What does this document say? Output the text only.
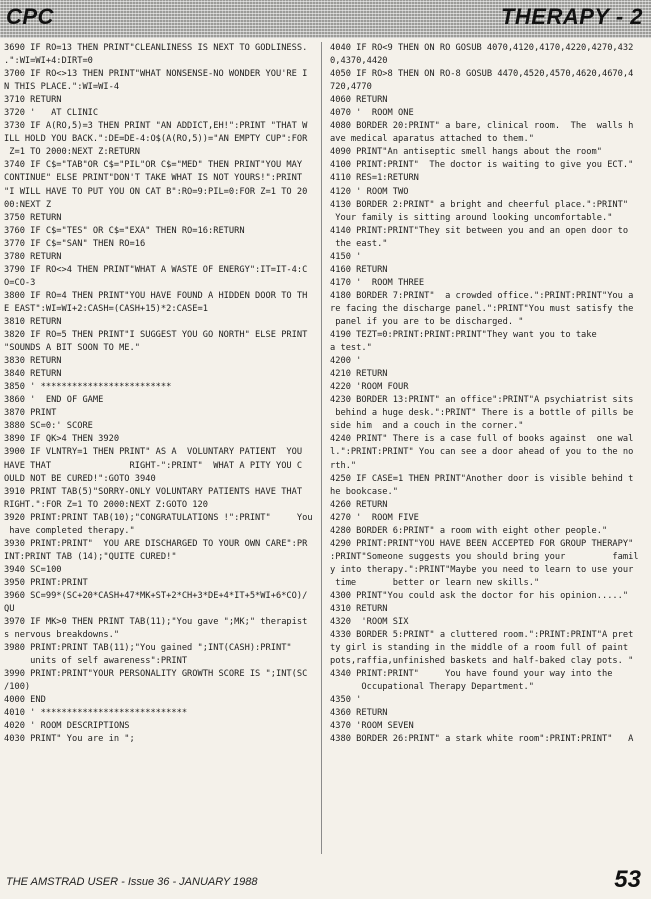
CPC	THERAPY - 2
3690 IF RO=13 THEN PRINT"CLEANLINESS IS NEXT TO GODLINESS.
.":WI=WI+4:DIRT=0
3700 IF RO<>13 THEN PRINT"WHAT NONSENSE-NO WONDER YOU'RE I
N THIS PLACE.":WI=WI-4
3710 RETURN
3720 '   AT CLINIC
3730 IF A(RO,5)=3 THEN PRINT "AN ADDICT,EH!":PRINT "THAT W
ILL HOLD YOU BACK.":DE=DE-4:O$(A(RO,5))="AN EMPTY CUP":FOR
Z=1 TO 2000:NEXT Z:RETURN
3740 IF C$="TAB"OR C$="PIL"OR C$="MED" THEN PRINT"YOU MAY
CONTINUE" ELSE PRINT"DON'T TAKE WHAT IS NOT YOURS!":PRINT
"I WILL HAVE TO PUT YOU ON CAT B":RO=9:PIL=0:FOR Z=1 TO 20
00:NEXT Z
3750 RETURN
3760 IF C$="TES" OR C$="EXA" THEN RO=16:RETURN
3770 IF C$="SAN" THEN RO=16
3780 RETURN
3790 IF RO<>4 THEN PRINT"WHAT A WASTE OF ENERGY":IT=IT-4:C
O=CO-3
3800 IF RO=4 THEN PRINT"YOU HAVE FOUND A HIDDEN DOOR TO TH
E EAST":WI=WI+2:CASH=(CASH+15)*2:CASE=1
3810 RETURN
3820 IF RO=5 THEN PRINT"I SUGGEST YOU GO NORTH" ELSE PRINT
"SOUNDS A BIT SOON TO ME."
3830 RETURN
3840 RETURN
3850 ' *************************
3860 '  END OF GAME
3870 PRINT
3880 SC=0:' SCORE
3890 IF QK>4 THEN 3920
3900 IF VLNTRY=1 THEN PRINT" AS A  VOLUNTARY PATIENT  YOU
HAVE THAT               RIGHT-":PRINT"  WHAT A PITY YOU C
OULD NOT BE CURED!":GOTO 3940
3910 PRINT TAB(5)"SORRY-ONLY VOLUNTARY PATIENTS HAVE THAT
RIGHT.":FOR Z=1 TO 2000:NEXT Z:GOTO 120
3920 PRINT:PRINT TAB(10);"CONGRATULATIONS !":PRINT"     You
have completed therapy."
3930 PRINT:PRINT"  YOU ARE DISCHARGED TO YOUR OWN CARE":PR
INT:PRINT TAB (14);"QUITE CURED!"
3940 SC=100
3950 PRINT:PRINT
3960 SC=99*(SC+20*CASH+47*MK+ST+2*CH+3*DE+4*IT+5*WI+6*CO)/
QU
3970 IF MK>0 THEN PRINT TAB(11);"You gave ";MK;" therapist
s nervous breakdowns."
3980 PRINT:PRINT TAB(11);"You gained ";INT(CASH):PRINT"
units of self awareness":PRINT
3990 PRINT:PRINT"YOUR PERSONALITY GROWTH SCORE IS ";INT(SC
/100)
4000 END
4010 ' ****************************
4020 ' ROOM DESCRIPTIONS
4030 PRINT" You are in ";
4040 IF RO<9 THEN ON RO GOSUB 4070,4120,4170,4220,4270,432
0,4370,4420
4050 IF RO>8 THEN ON RO-8 GOSUB 4470,4520,4570,4620,4670,4
720,4770
4060 RETURN
4070 '  ROOM ONE
4080 BORDER 20:PRINT" a bare, clinical room.  The  walls h
ave medical aparatus attached to them."
4090 PRINT"An antiseptic smell hangs about the room"
4100 PRINT:PRINT"  The doctor is waiting to give you ECT."
4110 RES=1:RETURN
4120 ' ROOM TWO
4130 BORDER 2:PRINT" a bright and cheerful place.":PRINT"
Your family is sitting around looking uncomfortable."
4140 PRINT:PRINT"They sit between you and an open door to
the east."
4150 '
4160 RETURN
4170 '  ROOM THREE
4180 BORDER 7:PRINT"  a crowded office.":PRINT:PRINT"You a
re facing the discharge panel.":PRINT"You must satisfy the
panel if you are to be discharged. "
4190 TEZT=0:PRINT:PRINT:PRINT"They want you to take
a test."
4200 '
4210 RETURN
4220 'ROOM FOUR
4230 BORDER 13:PRINT" an office":PRINT"A psychiatrist sits
behind a huge desk.":PRINT" There is a bottle of pills be
side him  and a couch in the corner."
4240 PRINT" There is a case full of books against  one wal
l.":PRINT:PRINT" You can see a door ahead of you to the no
rth."
4250 IF CASE=1 THEN PRINT"Another door is visible behind t
he bookcase."
4260 RETURN
4270 '  ROOM FIVE
4280 BORDER 6:PRINT" a room with eight other people."
4290 PRINT:PRINT"YOU HAVE BEEN ACCEPTED FOR GROUP THERAPY"
:PRINT"Someone suggests you should bring your         famil
y into therapy.":PRINT"Maybe you need to learn to use your
time       better or learn new skills."
4300 PRINT"You could ask the doctor for his opinion....."
4310 RETURN
4320  'ROOM SIX
4330 BORDER 5:PRINT" a cluttered room.":PRINT:PRINT"A pret
ty girl is standing in the middle of a room full of paint
pots,raffia,unfinished baskets and half-baked clay pots. "
4340 PRINT:PRINT"     You have found your way into the
Occupational Therapy Department."
4350 '
4360 RETURN
4370 'ROOM SEVEN
4380 BORDER 26:PRINT" a stark white room":PRINT:PRINT"   A
THE AMSTRAD USER - Issue 36 - JANUARY 1988	53
